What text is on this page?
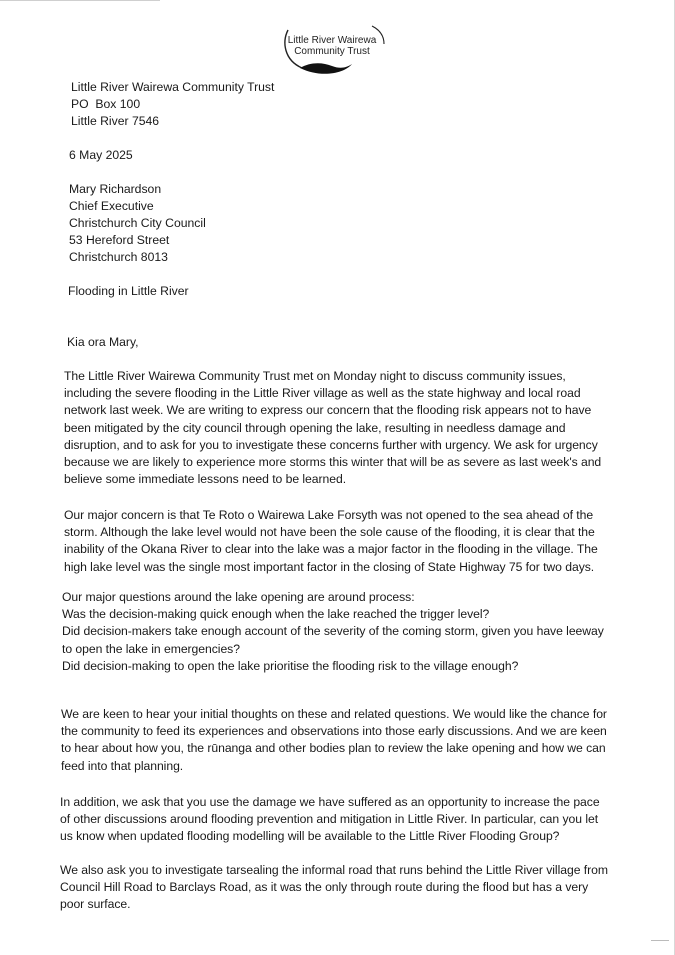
Little River Wairewa
Community Trust
Little River Wairewa Community Trust
PO  Box 100
Little River 7546
6 May 2025
Mary Richardson
Chief Executive
Christchurch City Council
53 Hereford Street
Christchurch 8013
Flooding in Little River
Kia ora Mary,
The Little River Wairewa Community Trust met on Monday night to discuss community issues,
including the severe flooding in the Little River village as well as the state highway and local road
network last week. We are writing to express our concern that the flooding risk appears not to have
been mitigated by the city council through opening the lake, resulting in needless damage and
disruption, and to ask for you to investigate these concerns further with urgency. We ask for urgency
because we are likely to experience more storms this winter that will be as severe as last week's and
believe some immediate lessons need to be learned.
Our major concern is that Te Roto o Wairewa Lake Forsyth was not opened to the sea ahead of the
storm. Although the lake level would not have been the sole cause of the flooding, it is clear that the
inability of the Okana River to clear into the lake was a major factor in the flooding in the village. The
high lake level was the single most important factor in the closing of State Highway 75 for two days.
Our major questions around the lake opening are around process:
Was the decision-making quick enough when the lake reached the trigger level?
Did decision-makers take enough account of the severity of the coming storm, given you have leeway
to open the lake in emergencies?
Did decision-making to open the lake prioritise the flooding risk to the village enough?
We are keen to hear your initial thoughts on these and related questions. We would like the chance for
the community to feed its experiences and observations into those early discussions. And we are keen
to hear about how you, the rūnanga and other bodies plan to review the lake opening and how we can
feed into that planning.
In addition, we ask that you use the damage we have suffered as an opportunity to increase the pace
of other discussions around flooding prevention and mitigation in Little River. In particular, can you let
us know when updated flooding modelling will be available to the Little River Flooding Group?
We also ask you to investigate tarsealing the informal road that runs behind the Little River village from
Council Hill Road to Barclays Road, as it was the only through route during the flood but has a very
poor surface.
